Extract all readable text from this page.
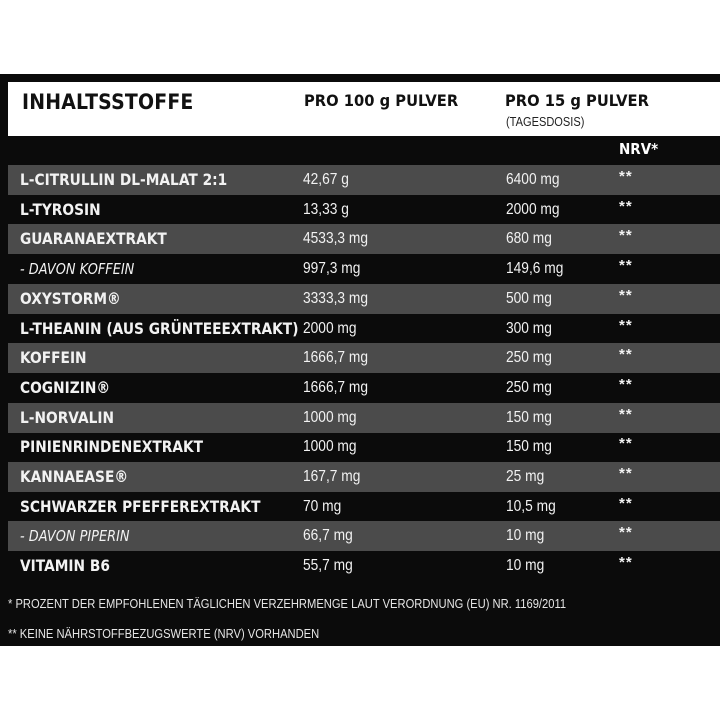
INHALTSSTOFFE	PRO 100 g PULVER	PRO 15 g PULVER
(TAGESDOSIS)
NRV*
L-CITRULLIN DL-MALAT 2:1	42,67 g	6400 mg	**
L-TYROSIN	13,33 g	2000 mg	**
GUARANAEXTRAKT	4533,3 mg	680 mg	**
- DAVON KOFFEIN	997,3 mg	149,6 mg	**
OXYSTORM®	3333,3 mg	500 mg	**
L-THEANIN (AUS GRÜNTEEEXTRAKT) 2000 mg	300 mg	**
KOFFEIN	1666,7 mg	250 mg	**
COGNIZIN®	1666,7 mg	250 mg	**
L-NORVALIN	1000 mg	150 mg	**
PINIENRINDENEXTRAKT	1000 mg	150 mg	**
KANNAEASE®	167,7 mg	25 mg	**
SCHWARZER PFEFFEREXTRAKT	70 mg	10,5 mg	**
- DAVON PIPERIN	66,7 mg	10 mg	**
VITAMIN B6	55,7 mg	10 mg	**
* PROZENT DER EMPFOHLENEN TÄGLICHEN VERZEHRMENGE LAUT VERORDNUNG (EU) NR. 1169/2011
** KEINE NÄHRSTOFFBEZUGSWERTE (NRV) VORHANDEN
